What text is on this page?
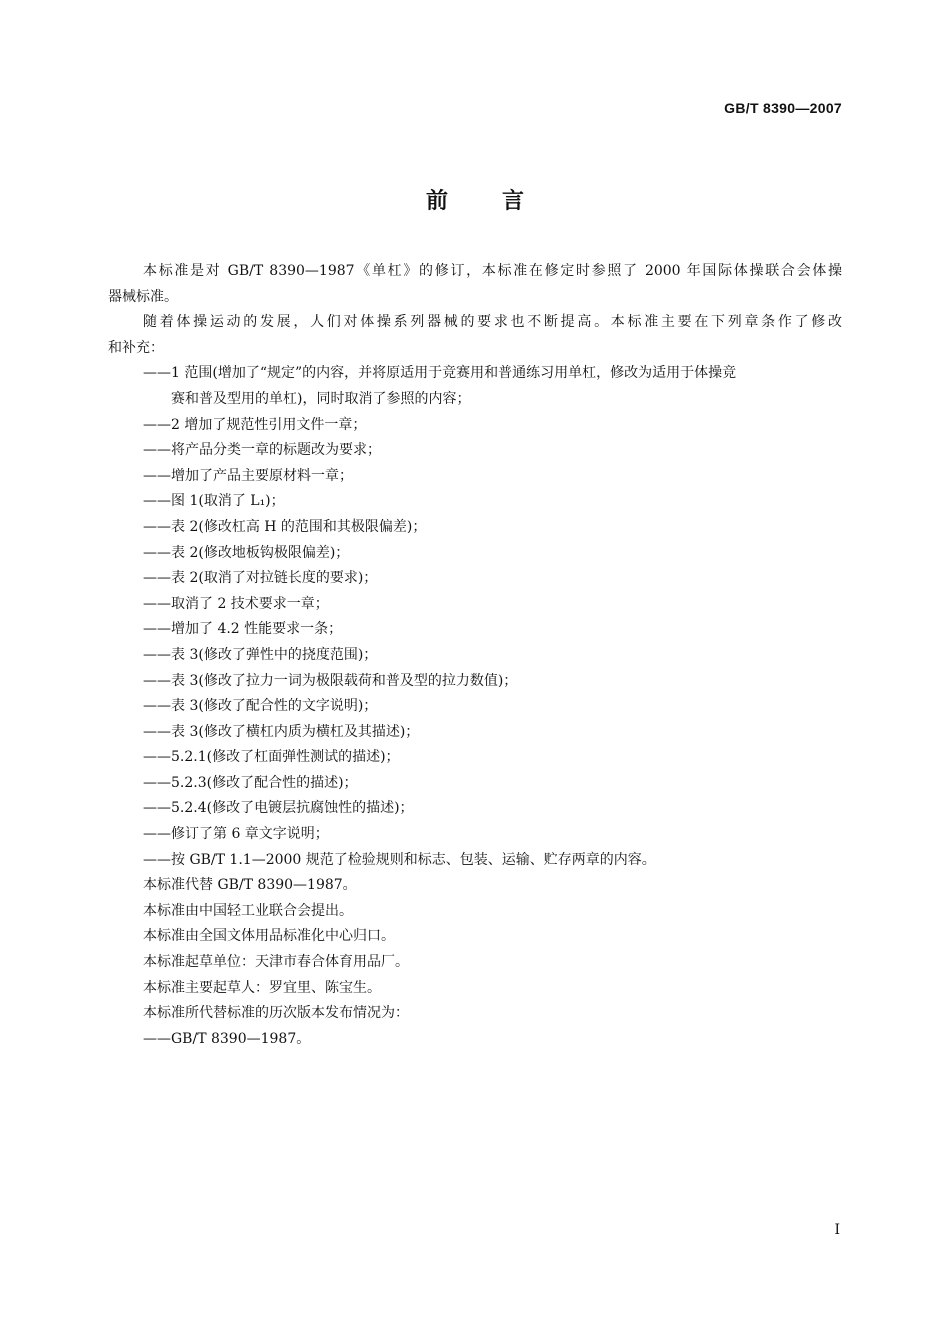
GB/T 8390—2007
前言

本标准是对 GB/T 8390—1987《单杠》的修订，本标准在修定时参照了 2000 年国际体操联合会体操

器械标准。

随着体操运动的发展，人们对体操系列器械的要求也不断提高。本标准主要在下列章条作了修改

和补充：

——1 范围(增加了“规定”的内容，并将原适用于竞赛用和普通练习用单杠，修改为适用于体操竞
赛和普及型用的单杠)，同时取消了参照的内容；

——2 增加了规范性引用文件一章；

——将产品分类一章的标题改为要求；

——增加了产品主要原材料一章；

——图 1(取消了 L₁)；

——表 2(修改杠高 H 的范围和其极限偏差)；

——表 2(修改地板钩极限偏差)；

——表 2(取消了对拉链长度的要求)；

——取消了 2 技术要求一章；

——增加了 4.2 性能要求一条；

——表 3(修改了弹性中的挠度范围)；

——表 3(修改了拉力一词为极限载荷和普及型的拉力数值)；

——表 3(修改了配合性的文字说明)；

——表 3(修改了横杠内质为横杠及其描述)；

——5.2.1(修改了杠面弹性测试的描述)；

——5.2.3(修改了配合性的描述)；

——5.2.4(修改了电镀层抗腐蚀性的描述)；

——修订了第 6 章文字说明；

——按 GB/T 1.1—2000 规范了检验规则和标志、包装、运输、贮存两章的内容。

本标准代替 GB/T 8390—1987。

本标准由中国轻工业联合会提出。

本标准由全国文体用品标准化中心归口。

本标准起草单位：天津市春合体育用品厂。

本标准主要起草人：罗宜里、陈宝生。

本标准所代替标准的历次版本发布情况为：

——GB/T 8390—1987。

I
